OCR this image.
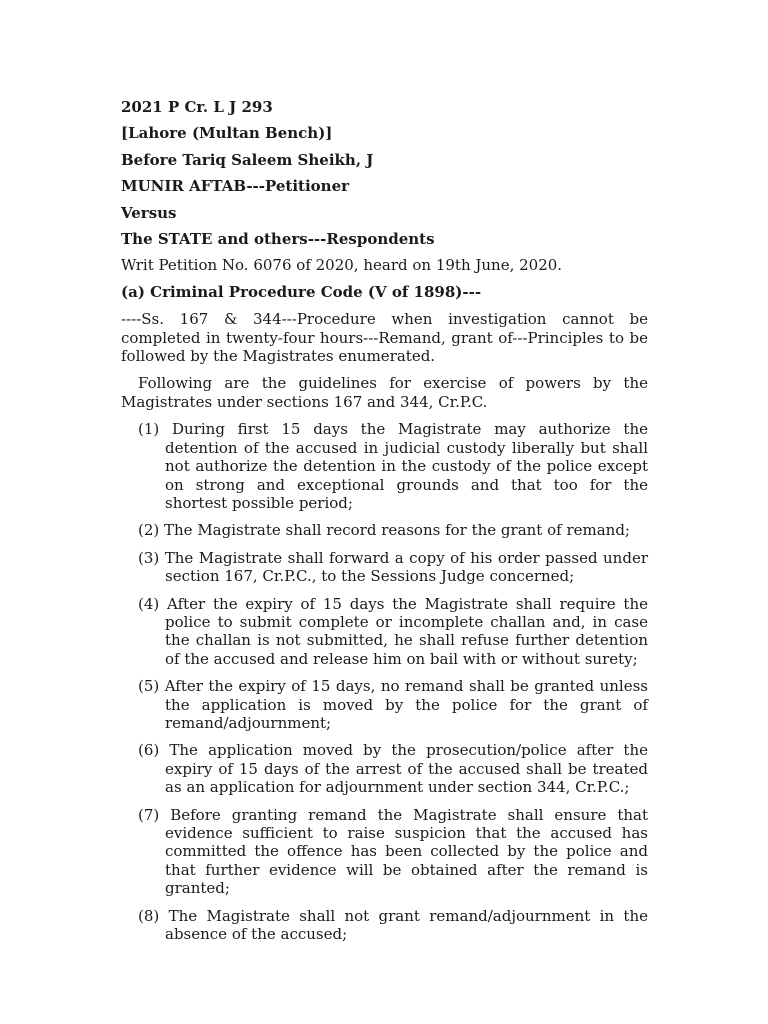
2021 P Cr. L J 293

[Lahore (Multan Bench)]

Before Tariq Saleem Sheikh, J

MUNIR AFTAB---Petitioner

Versus

The STATE and others---Respondents

Writ Petition No. 6076 of 2020, heard on 19th June, 2020.

(a) Criminal Procedure Code (V of 1898)---

----Ss. 167 & 344---Procedure when investigation cannot be completed in twenty-four hours---Remand, grant of---Principles to be followed by the Magistrates enumerated.

Following are the guidelines for exercise of powers by the Magistrates under sections 167 and 344, Cr.P.C.

(1) During first 15 days the Magistrate may authorize the detention of the accused in judicial custody liberally but shall not authorize the detention in the custody of the police except on strong and exceptional grounds and that too for the shortest possible period;
(2) The Magistrate shall record reasons for the grant of remand;
(3) The Magistrate shall forward a copy of his order passed under section 167, Cr.P.C., to the Sessions Judge concerned;
(4) After the expiry of 15 days the Magistrate shall require the police to submit complete or incomplete challan and, in case the challan is not submitted, he shall refuse further detention of the accused and release him on bail with or without surety;
(5) After the expiry of 15 days, no remand shall be granted unless the application is moved by the police for the grant of remand/adjournment;
(6) The application moved by the prosecution/police after the expiry of 15 days of the arrest of the accused shall be treated as an application for adjournment under section 344, Cr.P.C.;
(7) Before granting remand the Magistrate shall ensure that evidence sufficient to raise suspicion that the accused has committed the offence has been collected by the police and that further evidence will be obtained after the remand is granted;
(8) The Magistrate shall not grant remand/adjournment in the absence of the accused;
